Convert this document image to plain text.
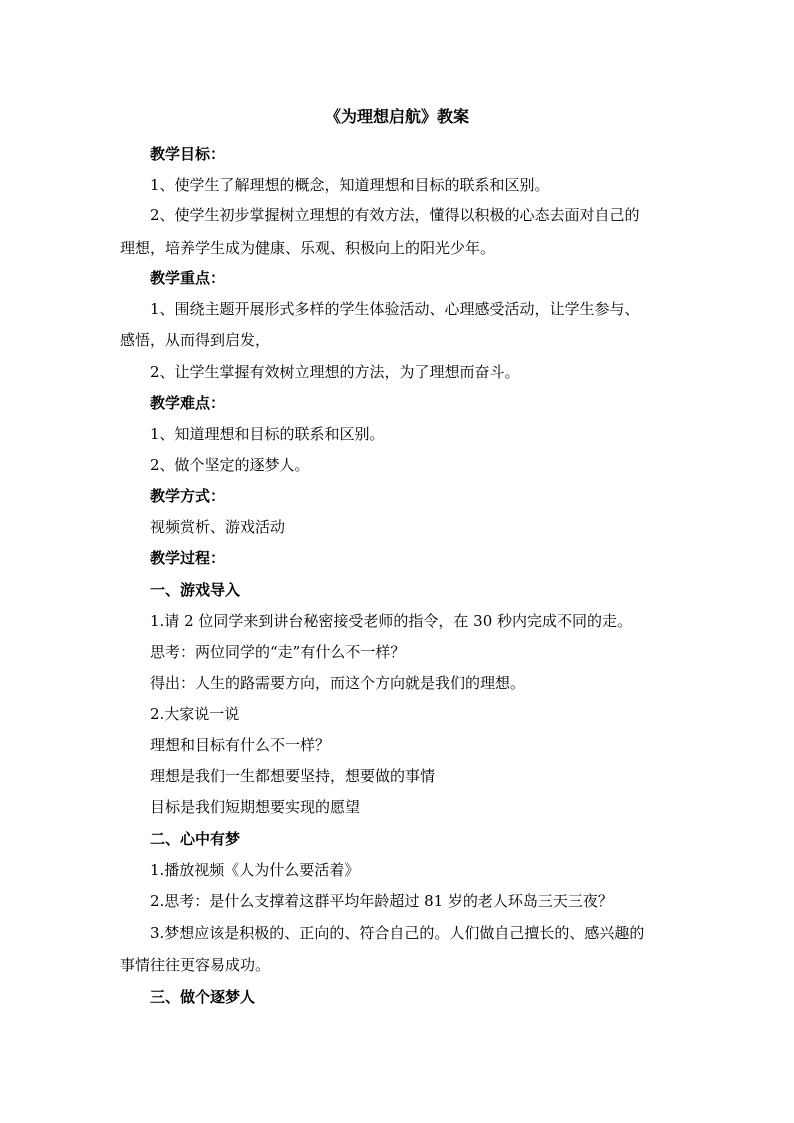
《为理想启航》教案
教学目标：
1、使学生了解理想的概念，知道理想和目标的联系和区别。
2、使学生初步掌握树立理想的有效方法，懂得以积极的心态去面对自己的
理想，培养学生成为健康、乐观、积极向上的阳光少年。
教学重点：
1、围绕主题开展形式多样的学生体验活动、心理感受活动，让学生参与、
感悟，从而得到启发，
2、让学生掌握有效树立理想的方法，为了理想而奋斗。
教学难点：
1、知道理想和目标的联系和区别。
2、做个坚定的逐梦人。
教学方式：
视频赏析、游戏活动
教学过程：
一、游戏导入
1.请 2 位同学来到讲台秘密接受老师的指令，在 30 秒内完成不同的走。
思考：两位同学的“走”有什么不一样？
得出：人生的路需要方向，而这个方向就是我们的理想。
2.大家说一说
理想和目标有什么不一样？
理想是我们一生都想要坚持，想要做的事情
目标是我们短期想要实现的愿望
二、心中有梦
1.播放视频《人为什么要活着》
2.思考：是什么支撑着这群平均年龄超过 81 岁的老人环岛三天三夜？
3.梦想应该是积极的、正向的、符合自己的。人们做自己擅长的、感兴趣的
事情往往更容易成功。
三、做个逐梦人
